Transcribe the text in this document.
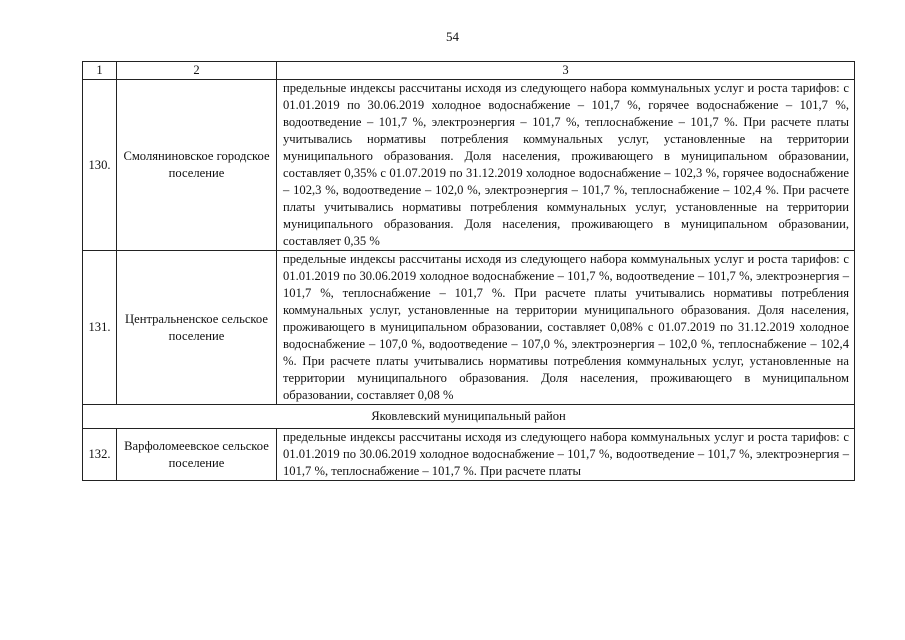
54
1	2	3
130.	Смоляниновское городское поселение	предельные индексы рассчитаны исходя из следующего набора коммунальных услуг и роста тарифов: с 01.01.2019 по 30.06.2019 холодное водоснабжение – 101,7 %, горячее водоснабжение – 101,7 %, водоотведение – 101,7 %, электроэнергия – 101,7 %, теплоснабжение – 101,7 %. При расчете платы учитывались нормативы потребления коммунальных услуг, установленные на территории муниципального образования. Доля населения, проживающего в муниципальном образовании, составляет 0,35% с 01.07.2019 по 31.12.2019 холодное водоснабжение – 102,3 %, горячее водоснабжение – 102,3 %, водоотведение – 102,0 %, электроэнергия – 101,7 %, теплоснабжение – 102,4 %. При расчете платы учитывались нормативы потребления коммунальных услуг, установленные на территории муниципального образования. Доля населения, проживающего в муниципальном образовании, составляет 0,35 %
131.	Центральненское сельское поселение	предельные индексы рассчитаны исходя из следующего набора коммунальных услуг и роста тарифов: с 01.01.2019 по 30.06.2019 холодное водоснабжение – 101,7 %, водоотведение – 101,7 %, электроэнергия – 101,7 %, теплоснабжение – 101,7 %. При расчете платы учитывались нормативы потребления коммунальных услуг, установленные на территории муниципального образования. Доля населения, проживающего в муниципальном образовании, составляет 0,08% с 01.07.2019 по 31.12.2019 холодное водоснабжение – 107,0 %, водоотведение – 107,0 %, электроэнергия – 102,0 %, теплоснабжение – 102,4 %. При расчете платы учитывались нормативы потребления коммунальных услуг, установленные на территории муниципального образования. Доля населения, проживающего в муниципальном образовании, составляет 0,08 %
Яковлевский муниципальный район		
132.	Варфоломеевское сельское поселение	предельные индексы рассчитаны исходя из следующего набора коммунальных услуг и роста тарифов: с 01.01.2019 по 30.06.2019 холодное водоснабжение – 101,7 %, водоотведение – 101,7 %, электроэнергия – 101,7 %, теплоснабжение – 101,7 %. При расчете платы
